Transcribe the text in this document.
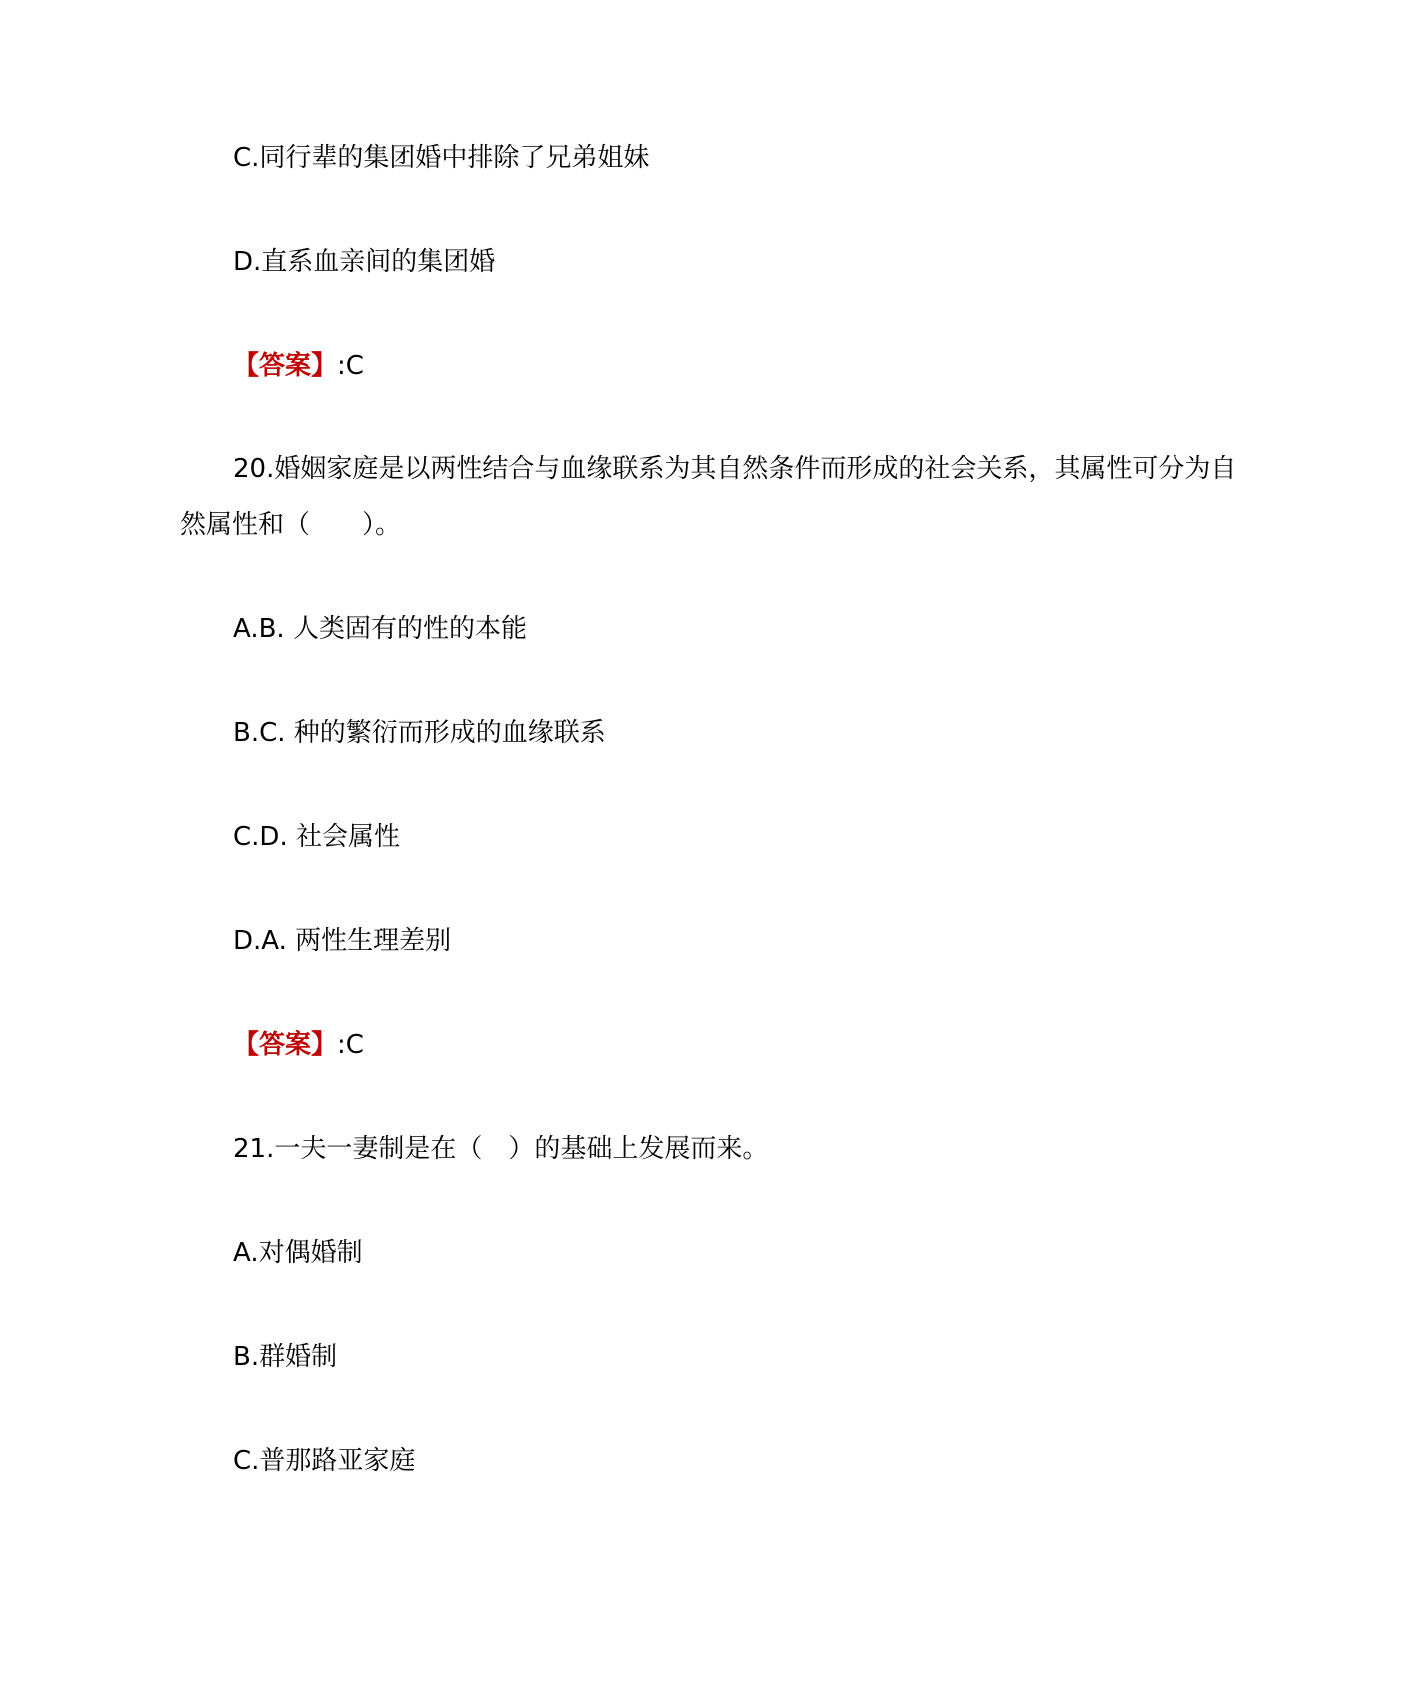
C.同行辈的集团婚中排除了兄弟姐妹
D.直系血亲间的集团婚
【答案】:C
20.婚姻家庭是以两性结合与血缘联系为其自然条件而形成的社会关系，其属性可分为自然属性和（　　）。
A.B. 人类固有的性的本能
B.C. 种的繁衍而形成的血缘联系
C.D. 社会属性
D.A. 两性生理差别
【答案】:C
21.一夫一妻制是在（　）的基础上发展而来。
A.对偶婚制
B.群婚制
C.普那路亚家庭
